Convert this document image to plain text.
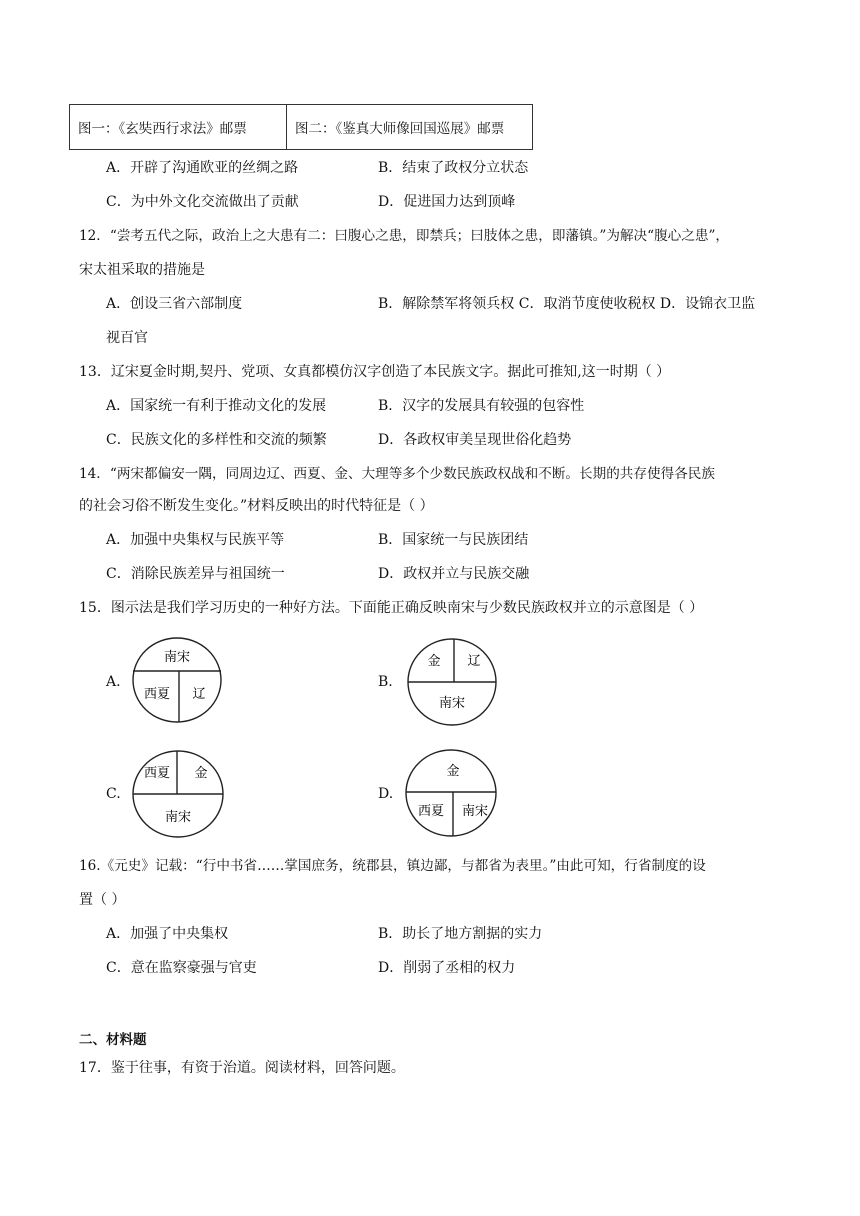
图一：《玄奘西行求法》邮票	图二：《鉴真大师像回国巡展》邮票
A．开辟了沟通欧亚的丝绸之路	B．结束了政权分立状态
C．为中外文化交流做出了贡献	D．促进国力达到顶峰
12．“尝考五代之际，政治上之大患有二：曰腹心之患，即禁兵；曰肢体之患，即藩镇。”为解决“腹心之患”，
宋太祖采取的措施是
A．创设三省六部制度	B．解除禁军将领兵权 C．取消节度使收税权 D．设锦衣卫监
视百官
13．辽宋夏金时期,契丹、党项、女真都模仿汉字创造了本民族文字。据此可推知,这一时期（ ）
A．国家统一有利于推动文化的发展	B．汉字的发展具有较强的包容性
C．民族文化的多样性和交流的频繁	D．各政权审美呈现世俗化趋势
14．“两宋都偏安一隅，同周边辽、西夏、金、大理等多个少数民族政权战和不断。长期的共存使得各民族
的社会习俗不断发生变化。”材料反映出的时代特征是（ ）
A．加强中央集权与民族平等	B．国家统一与民族团结
C．消除民族差异与祖国统一	D．政权并立与民族交融
15．图示法是我们学习历史的一种好方法。下面能正确反映南宋与少数民族政权并立的示意图是（ ）
A.
南宋
西夏 辽
B.
金 辽
南宋
C.
西夏 金
南宋
D.
金
西夏 南宋
16.《元史》记载：“行中书省……掌国庶务，统郡县，镇边鄙，与都省为表里。”由此可知，行省制度的设
置（ ）
A．加强了中央集权	B．助长了地方割据的实力
C．意在监察豪强与官吏	D．削弱了丞相的权力
二、材料题
17．鉴于往事，有资于治道。阅读材料，回答问题。
